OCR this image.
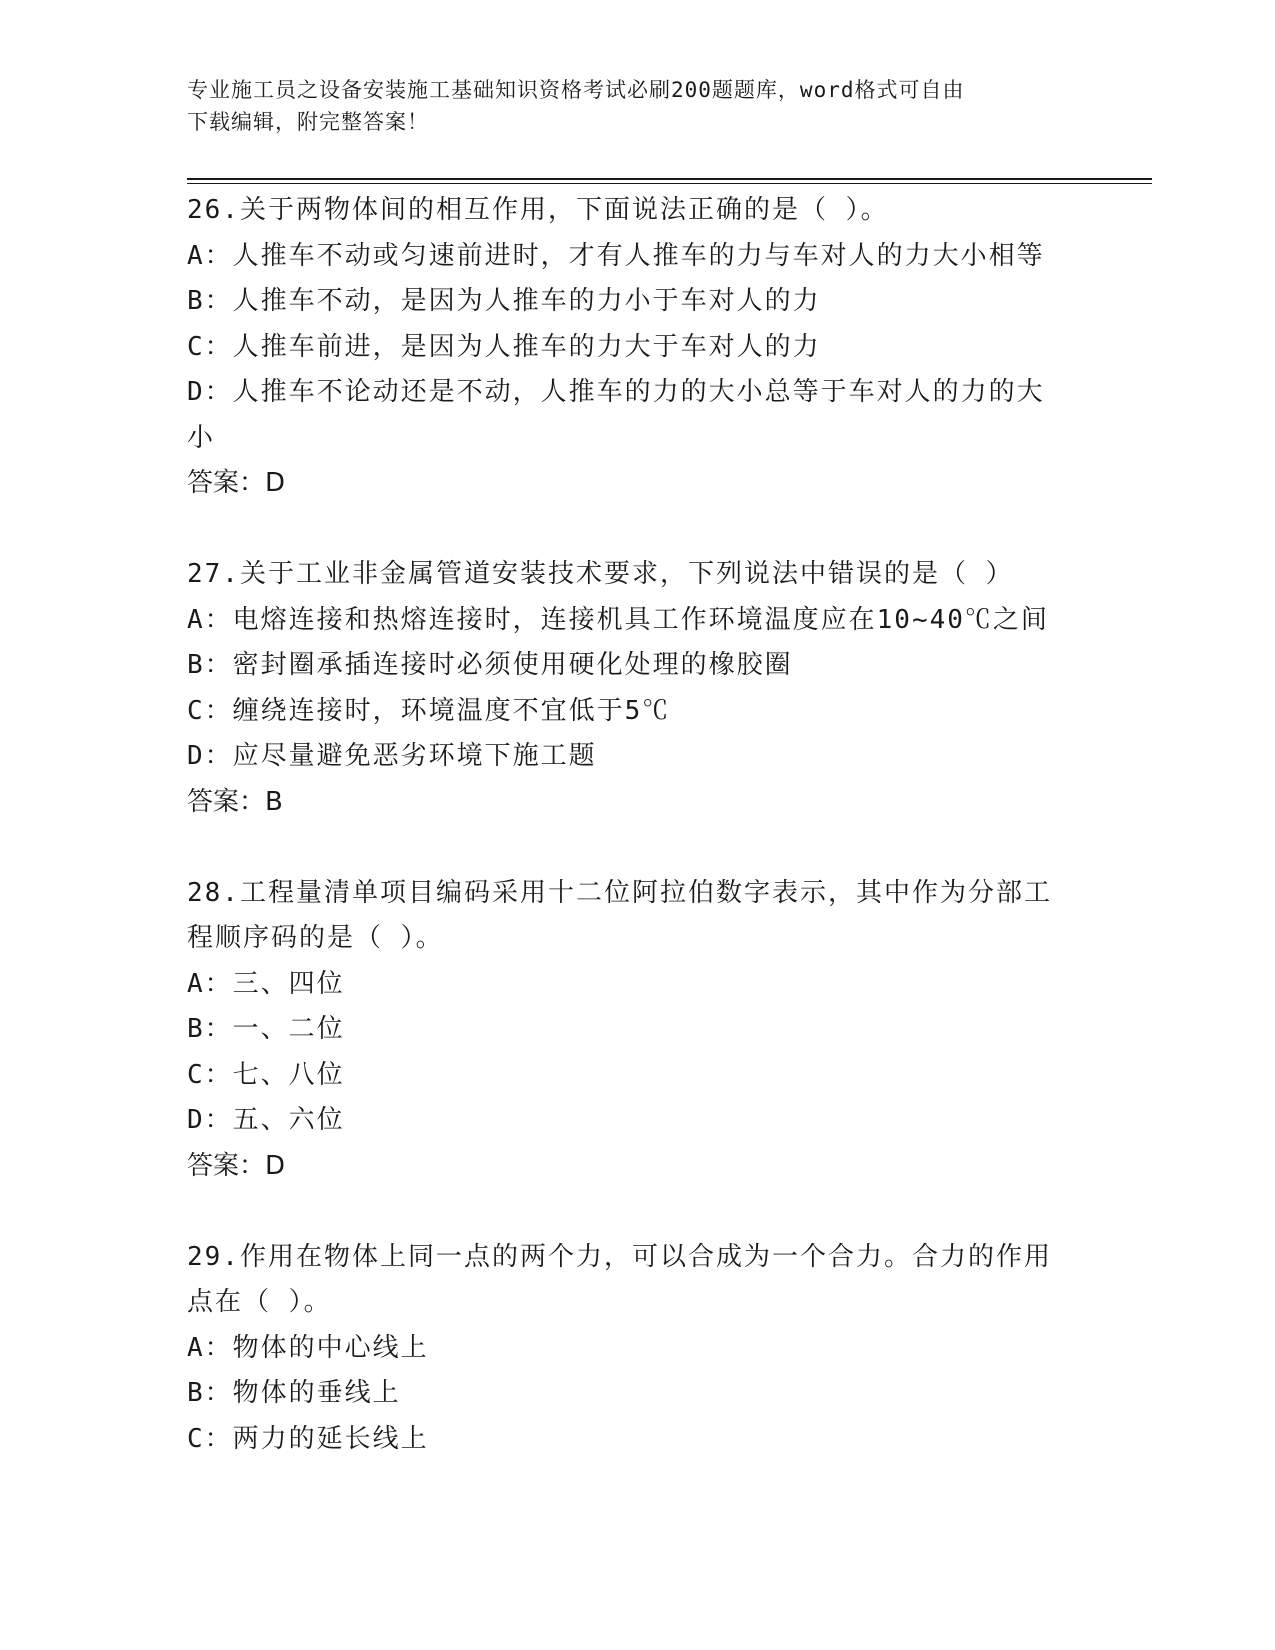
专业施工员之设备安装施工基础知识资格考试必刷200题题库，word格式可自由
下载编辑，附完整答案！
26.关于两物体间的相互作用，下面说法正确的是（ ）。
A：人推车不动或匀速前进时，才有人推车的力与车对人的力大小相等
B：人推车不动，是因为人推车的力小于车对人的力
C：人推车前进，是因为人推车的力大于车对人的力
D：人推车不论动还是不动，人推车的力的大小总等于车对人的力的大
小
答案：D
27.关于工业非金属管道安装技术要求，下列说法中错误的是（ ）
A：电熔连接和热熔连接时，连接机具工作环境温度应在10~40℃之间
B：密封圈承插连接时必须使用硬化处理的橡胶圈
C：缠绕连接时，环境温度不宜低于5℃
D：应尽量避免恶劣环境下施工题
答案：B
28.工程量清单项目编码采用十二位阿拉伯数字表示，其中作为分部工
程顺序码的是（ ）。
A：三、四位
B：一、二位
C：七、八位
D：五、六位
答案：D
29.作用在物体上同一点的两个力，可以合成为一个合力。合力的作用
点在（ ）。
A：物体的中心线上
B：物体的垂线上
C：两力的延长线上
